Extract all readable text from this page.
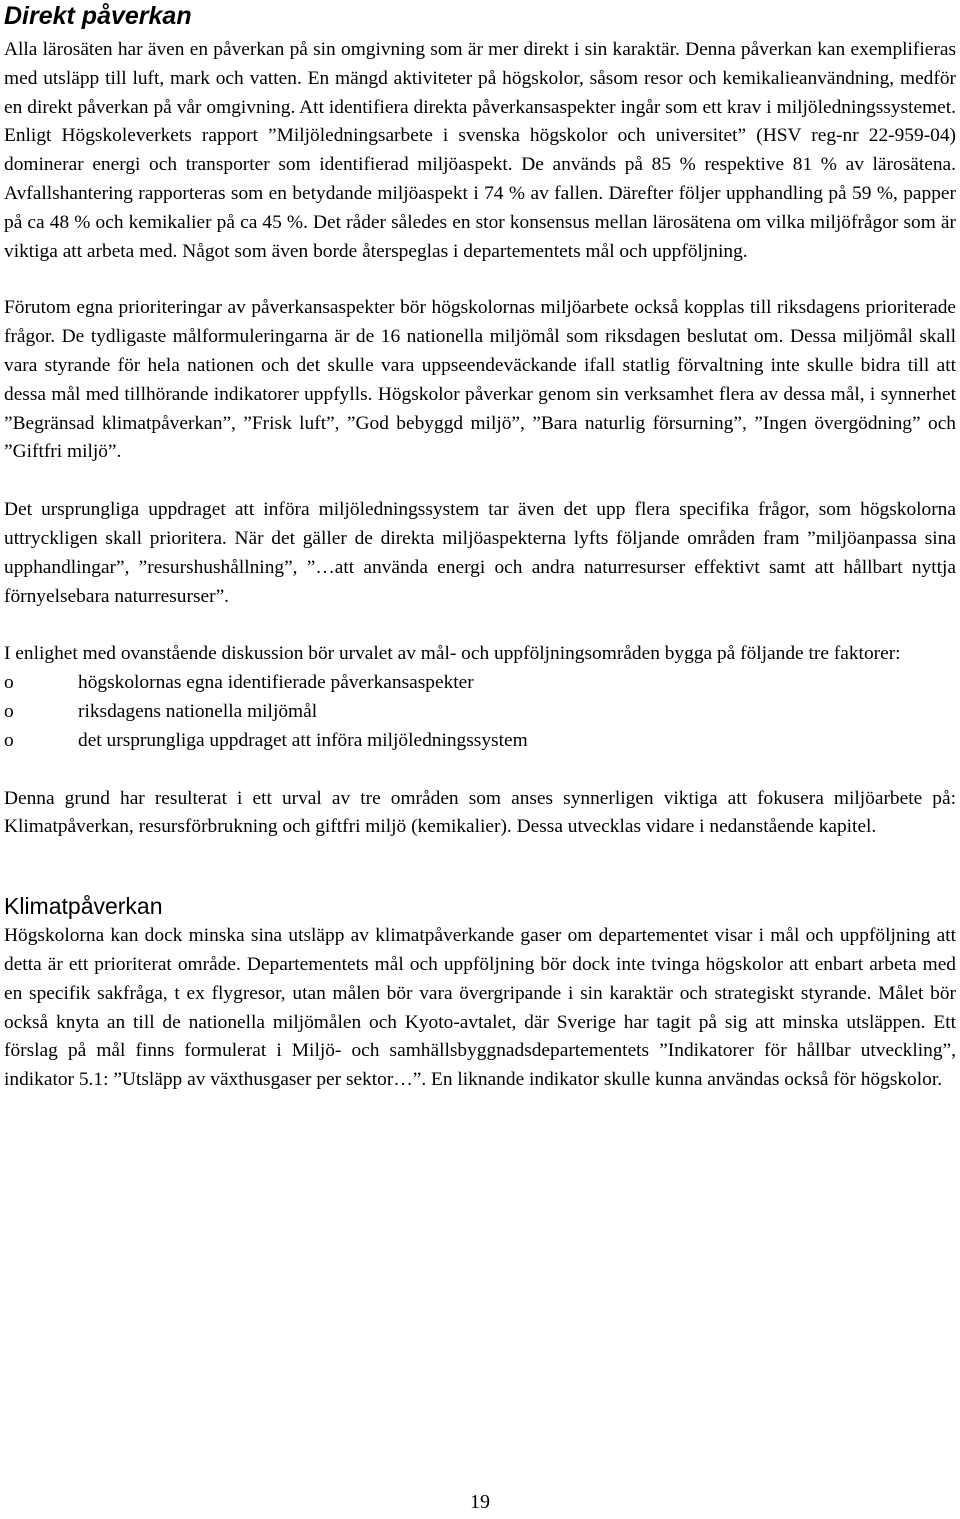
Direkt påverkan

Alla lärosäten har även en påverkan på sin omgivning som är mer direkt i sin karaktär. Denna påverkan kan exemplifieras med utsläpp till luft, mark och vatten. En mängd aktiviteter på högskolor, såsom resor och kemikalieanvändning, medför en direkt påverkan på vår omgivning. Att identifiera direkta påverkansaspekter ingår som ett krav i miljöledningssystemet. Enligt Högskoleverkets rapport ”Miljöledningsarbete i svenska högskolor och universitet” (HSV reg-nr 22-959-04) dominerar energi och transporter som identifierad miljöaspekt. De används på 85 % respektive 81 % av lärosätena. Avfallshantering rapporteras som en betydande miljöaspekt i 74 % av fallen. Därefter följer upphandling på 59 %, papper på ca 48 % och kemikalier på ca 45 %. Det råder således en stor konsensus mellan lärosätena om vilka miljöfrågor som är viktiga att arbeta med. Något som även borde återspeglas i departementets mål och uppföljning.

Förutom egna prioriteringar av påverkansaspekter bör högskolornas miljöarbete också kopplas till riksdagens prioriterade frågor. De tydligaste målformuleringarna är de 16 nationella miljömål som riksdagen beslutat om. Dessa miljömål skall vara styrande för hela nationen och det skulle vara uppseendeväckande ifall statlig förvaltning inte skulle bidra till att dessa mål med tillhörande indikatorer uppfylls. Högskolor påverkar genom sin verksamhet flera av dessa mål, i synnerhet ”Begränsad klimatpåverkan”, ”Frisk luft”, ”God bebyggd miljö”, ”Bara naturlig försurning”, ”Ingen övergödning” och ”Giftfri miljö”.

Det ursprungliga uppdraget att införa miljöledningssystem tar även det upp flera specifika frågor, som högskolorna uttryckligen skall prioritera. När det gäller de direkta miljöaspekterna lyfts följande områden fram ”miljöanpassa sina upphandlingar”, ”resurshushållning”, ”…att använda energi och andra naturresurser effektivt samt att hållbart nyttja förnyelsebara naturresurser”.

I enlighet med ovanstående diskussion bör urvalet av mål- och uppföljningsområden bygga på följande tre faktorer:

o	högskolornas egna identifierade påverkansaspekter
o	riksdagens nationella miljömål
o	det ursprungliga uppdraget att införa miljöledningssystem

Denna grund har resulterat i ett urval av tre områden som anses synnerligen viktiga att fokusera miljöarbete på: Klimatpåverkan, resursförbrukning och giftfri miljö (kemikalier). Dessa utvecklas vidare i nedanstående kapitel.

Klimatpåverkan

Högskolorna kan dock minska sina utsläpp av klimatpåverkande gaser om departementet visar i mål och uppföljning att detta är ett prioriterat område. Departementets mål och uppföljning bör dock inte tvinga högskolor att enbart arbeta med en specifik sakfråga, t ex flygresor, utan målen bör vara övergripande i sin karaktär och strategiskt styrande. Målet bör också knyta an till de nationella miljömålen och Kyoto-avtalet, där Sverige har tagit på sig att minska utsläppen. Ett förslag på mål finns formulerat i Miljö- och samhällsbyggnadsdepartementets ”Indikatorer för hållbar utveckling”, indikator 5.1: ”Utsläpp av växthusgaser per sektor…”. En liknande indikator skulle kunna användas också för högskolor.

19
